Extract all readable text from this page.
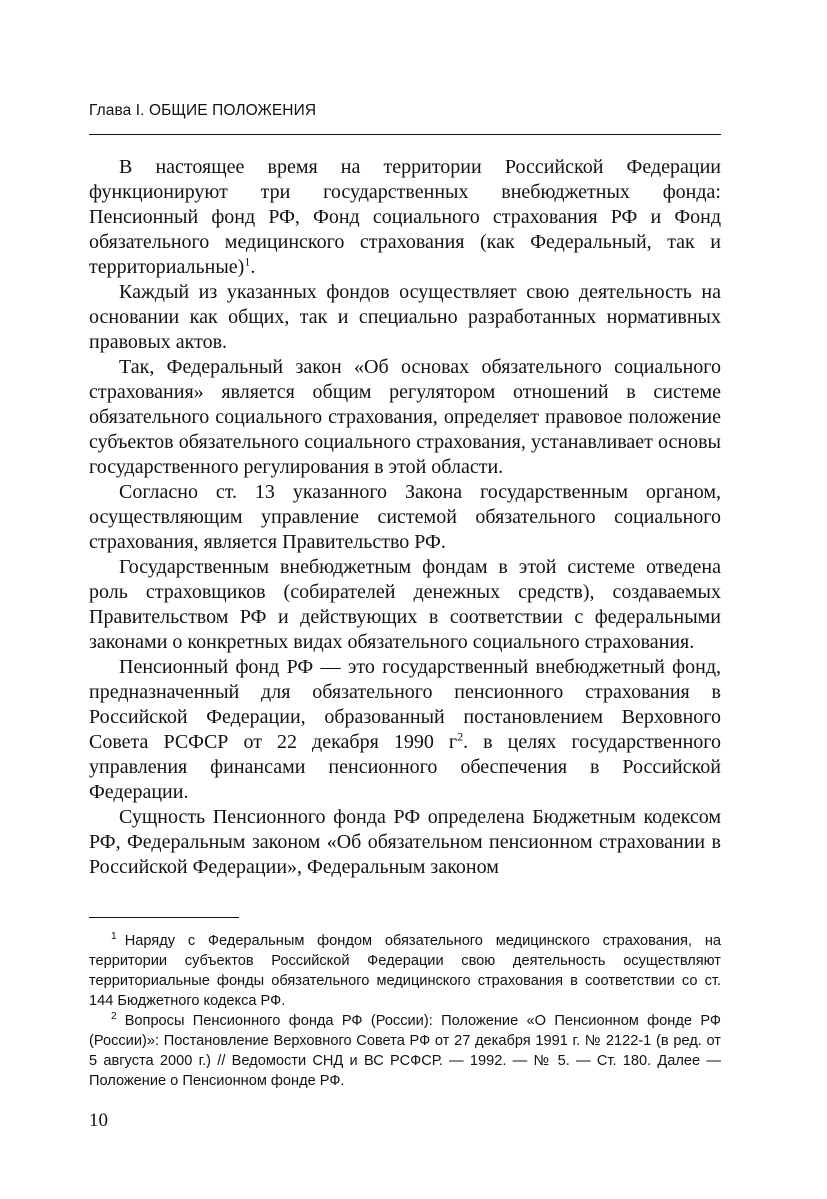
Глава I. ОБЩИЕ ПОЛОЖЕНИЯ

В настоящее время на территории Российской Федерации функционируют три государственных внебюджетных фонда: Пенсионный фонд РФ, Фонд социального страхования РФ и Фонд обязательного медицинского страхования (как Федеральный, так и территориальные)$^1$.

Каждый из указанных фондов осуществляет свою деятельность на основании как общих, так и специально разработанных нормативных правовых актов.

Так, Федеральный закон «Об основах обязательного социального страхования» является общим регулятором отношений в системе обязательного социального страхования, определяет правовое положение субъектов обязательного социального страхования, устанавливает основы государственного регулирования в этой области.

Согласно ст. 13 указанного Закона государственным органом, осуществляющим управление системой обязательного социального страхования, является Правительство РФ.

Государственным внебюджетным фондам в этой системе отведена роль страховщиков (собирателей денежных средств), создаваемых Правительством РФ и действующих в соответствии с федеральными законами о конкретных видах обязательного социального страхования.

Пенсионный фонд РФ — это государственный внебюджетный фонд, предназначенный для обязательного пенсионного страхования в Российской Федерации, образованный постановлением Верховного Совета РСФСР от 22 декабря 1990 $г^2$. в целях государственного управления финансами пенсионного обеспечения в Российской Федерации.

Сущность Пенсионного фонда РФ определена Бюджетным кодексом РФ, Федеральным законом «Об обязательном пенсионном страховании в Российской Федерации», Федеральным законом

$^1$ Наряду с Федеральным фондом обязательного медицинского страхования, на территории субъектов Российской Федерации свою деятельность осуществляют территориальные фонды обязательного медицинского страхования в соответствии со ст. 144 Бюджетного кодекса РФ.

$^2$ Вопросы Пенсионного фонда РФ (России): Положение «О Пенсионном фонде РФ (России)»: Постановление Верховного Совета РФ от 27 декабря 1991 г. № 2122-1 (в ред. от 5 августа 2000 г.) // Ведомости СНД и ВС РСФСР. — 1992. — № 5. — Ст. 180. Далее — Положение о Пенсионном фонде РФ.

10
